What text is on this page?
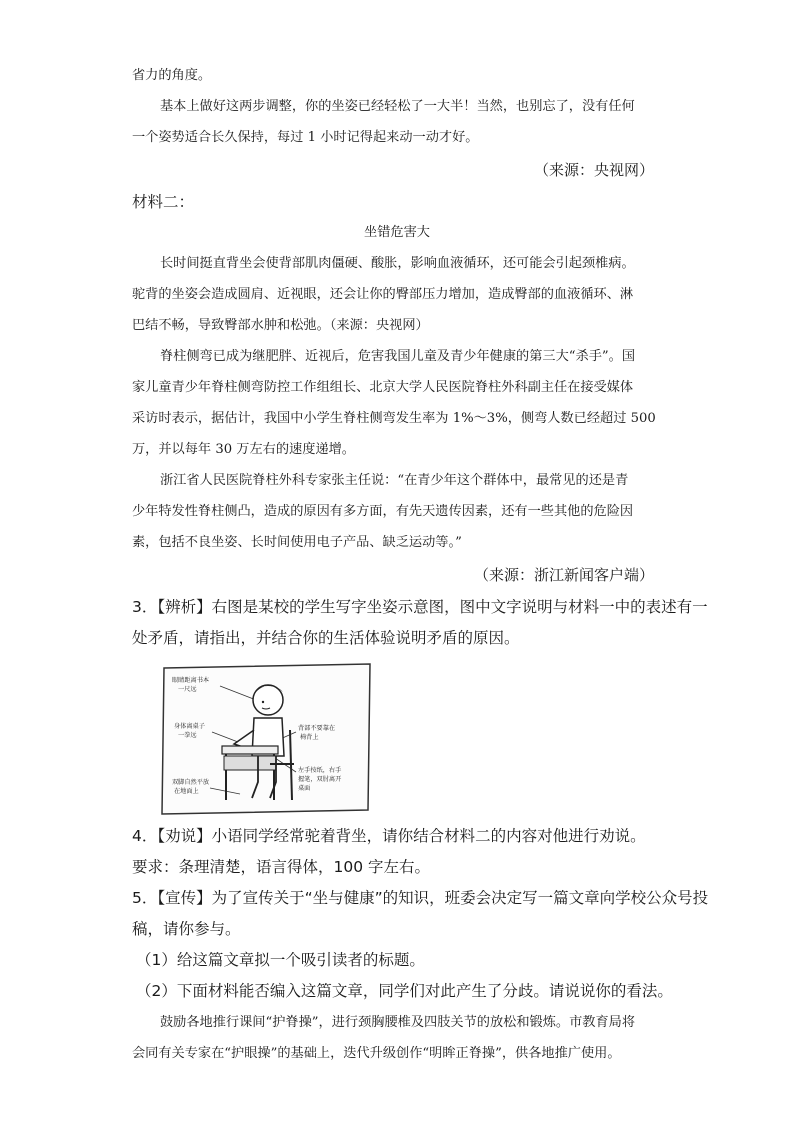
省力的角度。
基本上做好这两步调整，你的坐姿已经轻松了一大半！当然，也别忘了，没有任何
一个姿势适合长久保持，每过 1 小时记得起来动一动才好。
（来源：央视网）
材料二：
坐错危害大
长时间挺直背坐会使背部肌肉僵硬、酸胀，影响血液循环，还可能会引起颈椎病。
驼背的坐姿会造成圆肩、近视眼，还会让你的臀部压力增加，造成臀部的血液循环、淋
巴结不畅，导致臀部水肿和松弛。（来源：央视网）
脊柱侧弯已成为继肥胖、近视后，危害我国儿童及青少年健康的第三大“杀手”。国
家儿童青少年脊柱侧弯防控工作组组长、北京大学人民医院脊柱外科副主任在接受媒体
采访时表示，据估计，我国中小学生脊柱侧弯发生率为 1%～3%，侧弯人数已经超过 500
万，并以每年 30 万左右的速度递增。
浙江省人民医院脊柱外科专家张主任说：“在青少年这个群体中，最常见的还是青
少年特发性脊柱侧凸，造成的原因有多方面，有先天遗传因素，还有一些其他的危险因
素，包括不良坐姿、长时间使用电子产品、缺乏运动等。”
（来源：浙江新闻客户端）
3．【辨析】右图是某校的学生写字坐姿示意图，图中文字说明与材料一中的表述有一
处矛盾，请指出，并结合你的生活体验说明矛盾的原因。
眼睛距离书本
一尺远
身体离桌子
一拳远
背部不要靠在
椅背上
双脚自然平放
在地面上
左手按纸，右手
握笔，双肘离开
桌面
4．【劝说】小语同学经常驼着背坐，请你结合材料二的内容对他进行劝说。
要求：条理清楚，语言得体，100 字左右。
5．【宣传】为了宣传关于“坐与健康”的知识，班委会决定写一篇文章向学校公众号投
稿，请你参与。
（1）给这篇文章拟一个吸引读者的标题。
（2）下面材料能否编入这篇文章，同学们对此产生了分歧。请说说你的看法。
鼓励各地推行课间“护脊操”，进行颈胸腰椎及四肢关节的放松和锻炼。市教育局将
会同有关专家在“护眼操”的基础上，迭代升级创作“明眸正脊操”，供各地推广使用。
